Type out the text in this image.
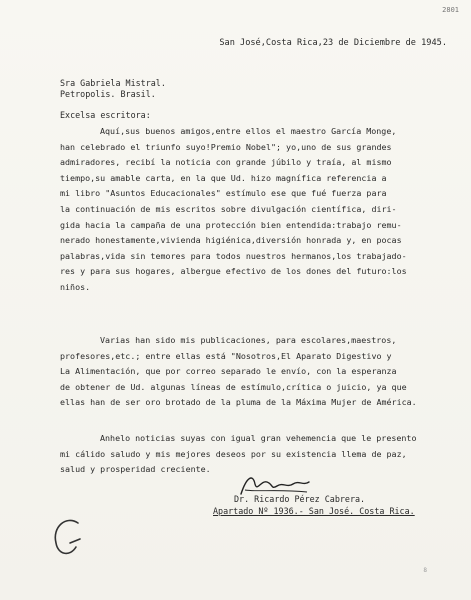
2801
San José,Costa Rica,23 de Diciembre de 1945.
Sra Gabriela Mistral.
Petropolis. Brasil.
Excelsa escritora:
Aquí,sus buenos amigos,entre ellos el maestro García Monge,
han celebrado el triunfo suyo!Premio Nobel"; yo,uno de sus grandes
admiradores, recibí la noticia con grande júbilo y traía, al mismo
tiempo,su amable carta, en la que Ud. hizo magnífica referencia a
mi libro "Asuntos Educacionales" estímulo ese que fué fuerza para
la continuación de mis escritos sobre divulgación científica, diri-
gida hacia la campaña de una protección bien entendida:trabajo remu-
nerado honestamente,vivienda higiénica,diversión honrada y, en pocas
palabras,vida sin temores para todos nuestros hermanos,los trabajado-
res y para sus hogares, albergue efectivo de los dones del futuro:los
niños.
Varias han sido mis publicaciones, para escolares,maestros,
profesores,etc.; entre ellas está "Nosotros,El Aparato Digestivo y
La Alimentación, que por correo separado le envío, con la esperanza
de obtener de Ud. algunas líneas de estímulo,crítica o juicio, ya que
ellas han de ser oro brotado de la pluma de la Máxima Mujer de América.
Anhelo noticias suyas con igual gran vehemencia que le presento
mi cálido saludo y mis mejores deseos por su existencia llema de paz,
salud y prosperidad creciente.
Dr. Ricardo Pérez Cabrera.
Apartado Nº 1936.- San José. Costa Rica.
8
